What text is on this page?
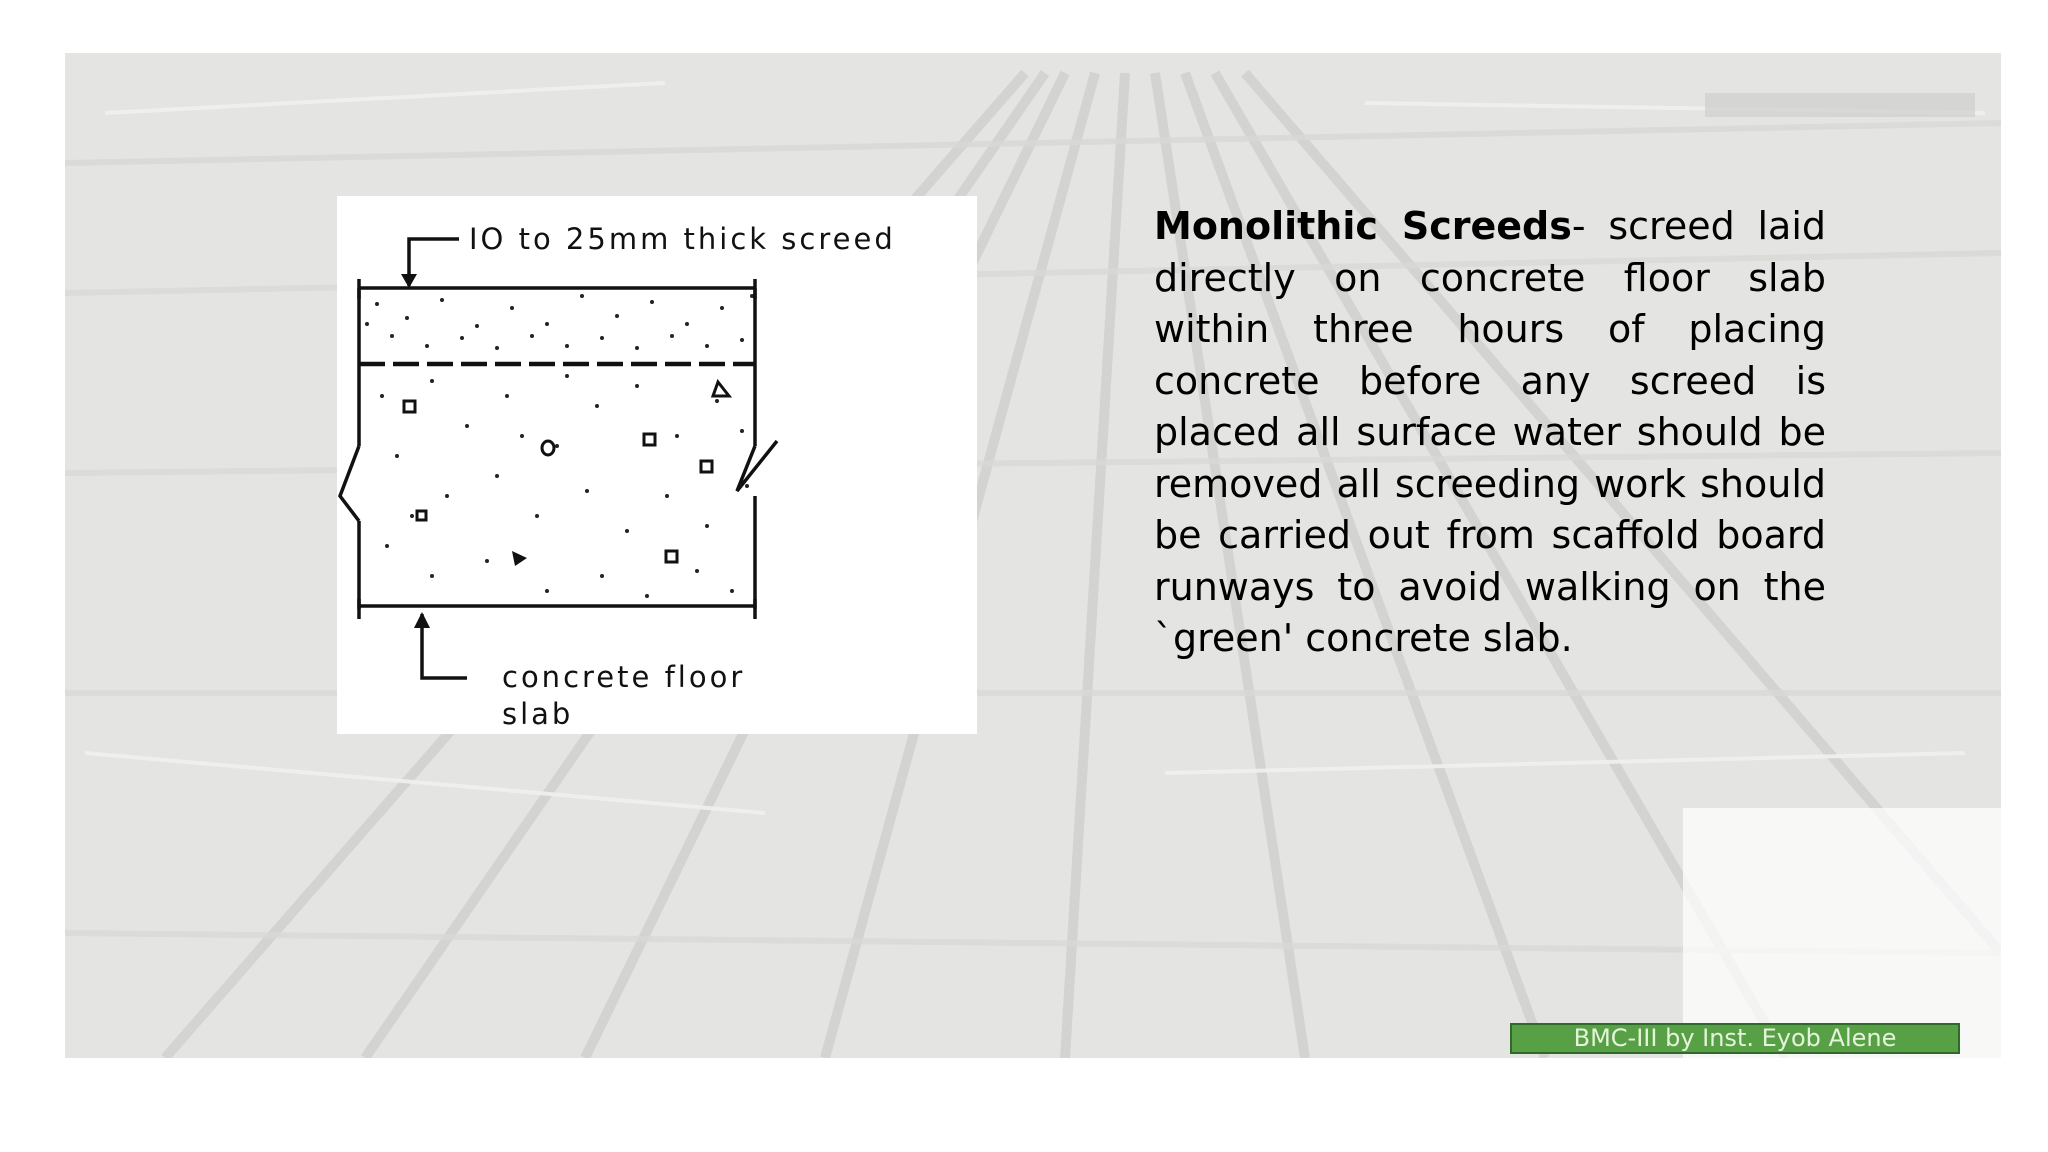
IO to 25mm thick screed
concrete floor
slab

Monolithic Screeds- screed laid directly on concrete floor slab within three hours of placing concrete before any screed is placed all surface water should be removed all screeding work should be carried out from scaffold board runways to avoid walking on the `green' concrete slab.

BMC-III by Inst. Eyob Alene
